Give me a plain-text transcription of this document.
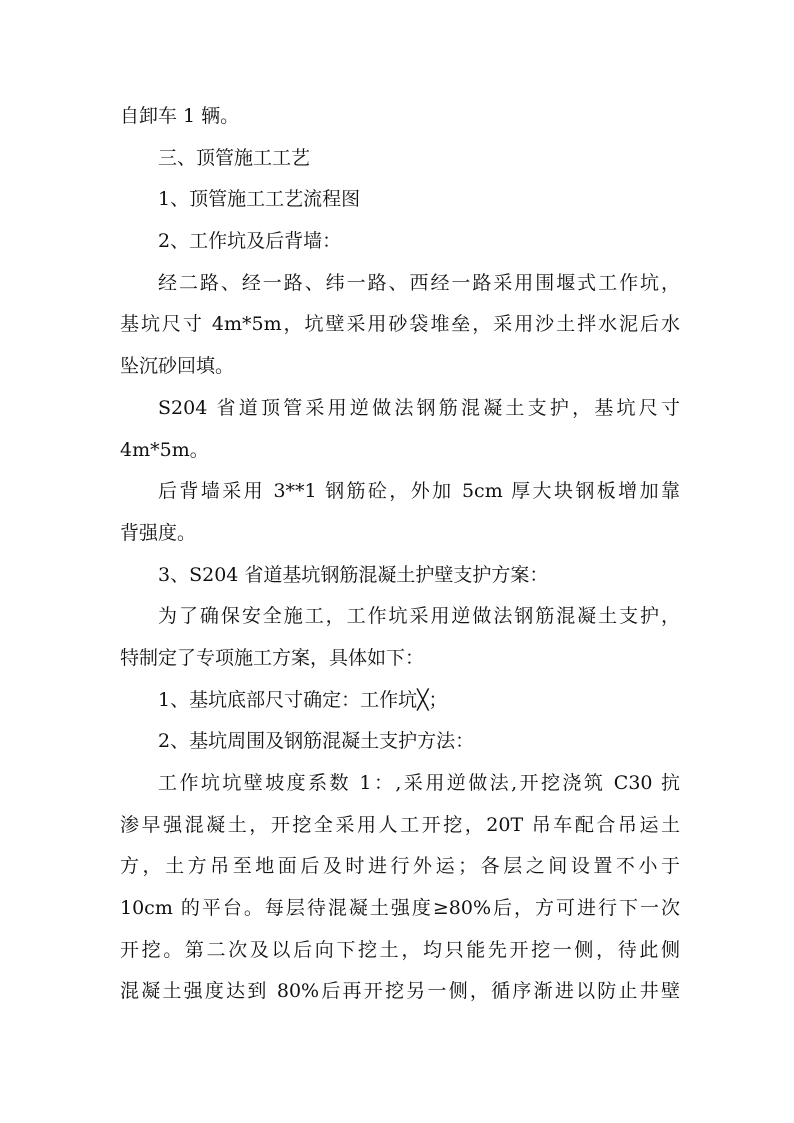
自卸车 1 辆。
三、顶管施工工艺
1、顶管施工工艺流程图
2、工作坑及后背墙：
经二路、经一路、纬一路、西经一路采用围堰式工作坑，
基坑尺寸 4m*5m，坑壁采用砂袋堆垒，采用沙土拌水泥后水
坠沉砂回填。
S204 省道顶管采用逆做法钢筋混凝土支护，基坑尺寸
4m*5m。
后背墙采用 3**1 钢筋砼，外加 5cm 厚大块钢板增加靠
背强度。
3、S204 省道基坑钢筋混凝土护壁支护方案：
为了确保安全施工，工作坑采用逆做法钢筋混凝土支护，
特制定了专项施工方案，具体如下：
1、基坑底部尺寸确定：工作坑╳；
2、基坑周围及钢筋混凝土支护方法：
工作坑坑壁坡度系数 1：,采用逆做法,开挖浇筑 C30 抗
渗早强混凝土，开挖全采用人工开挖，20T 吊车配合吊运土
方，土方吊至地面后及时进行外运；各层之间设置不小于
10cm 的平台。每层待混凝土强度≥80%后，方可进行下一次
开挖。第二次及以后向下挖土，均只能先开挖一侧，待此侧
混凝土强度达到 80%后再开挖另一侧，循序渐进以防止井壁
